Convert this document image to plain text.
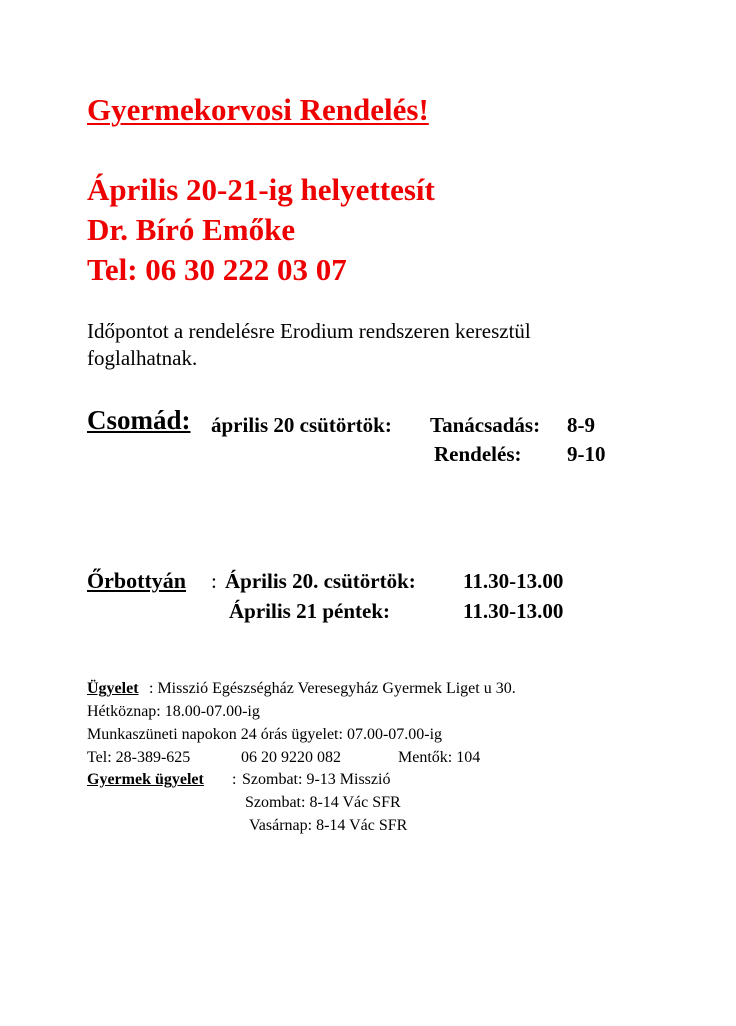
Gyermekorvosi Rendelés!
Április 20-21-ig helyettesít
Dr. Bíró Emőke
Tel: 06 30 222 03 07
Időpontot a rendelésre Erodium rendszeren keresztül
foglalhatnak.
Csomád: április 20 csütörtök: Tanácsadás: 8-9
Rendelés: 9-10
Őrbottyán : Április 20. csütörtök: 11.30-13.00
Április 21 péntek:	11.30-13.00
Ügyelet : Misszió Egészségház Veresegyház Gyermek Liget u 30.
Hétköznap: 18.00-07.00-ig
Munkaszüneti napokon 24 órás ügyelet: 07.00-07.00-ig
Tel: 28-389-625	06 20 9220 082	Mentők: 104
Gyermek ügyelet : Szombat: 9-13 Misszió
Szombat: 8-14 Vác SFR
Vasárnap: 8-14 Vác SFR
